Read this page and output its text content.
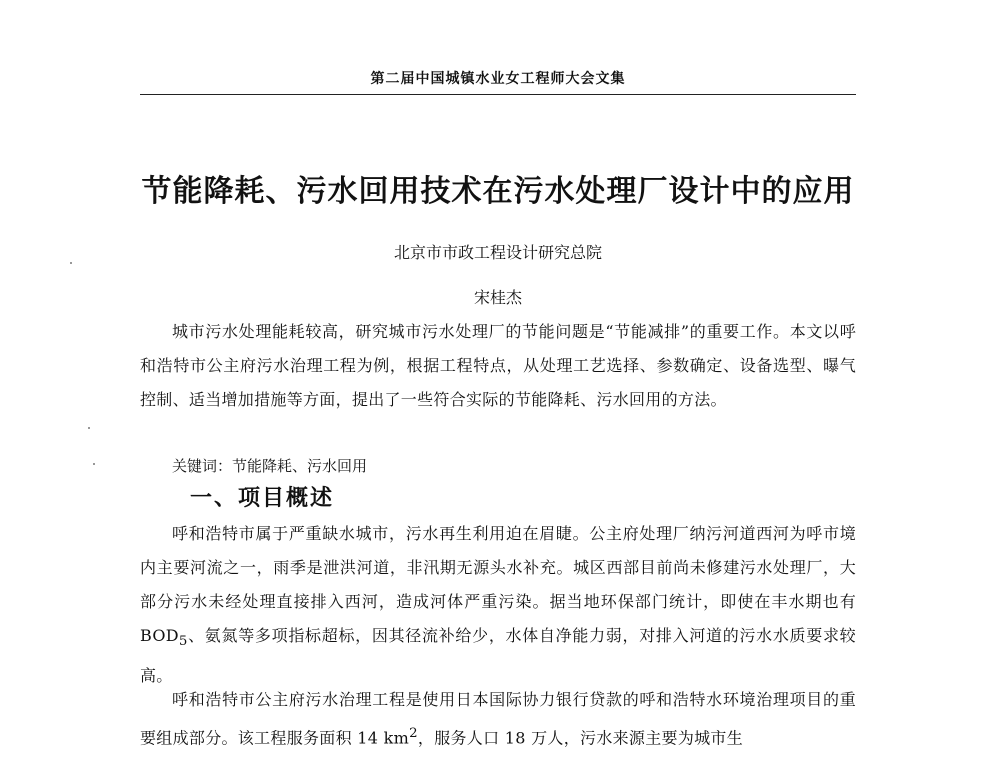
第二届中国城镇水业女工程师大会文集
节能降耗、污水回用技术在污水处理厂设计中的应用
北京市市政工程设计研究总院
宋桂杰
城市污水处理能耗较高，研究城市污水处理厂的节能问题是“节能减排”的重要工作。本文以呼和浩特市公主府污水治理工程为例，根据工程特点，从处理工艺选择、参数确定、设备选型、曝气控制、适当增加措施等方面，提出了一些符合实际的节能降耗、污水回用的方法。
关键词：节能降耗、污水回用
一、项目概述
呼和浩特市属于严重缺水城市，污水再生利用迫在眉睫。公主府处理厂纳污河道西河为呼市境内主要河流之一，雨季是泄洪河道，非汛期无源头水补充。城区西部目前尚未修建污水处理厂，大部分污水未经处理直接排入西河，造成河体严重污染。据当地环保部门统计，即使在丰水期也有 $BOD_5$、氨氮等多项指标超标，因其径流补给少，水体自净能力弱，对排入河道的污水水质要求较高。
呼和浩特市公主府污水治理工程是使用日本国际协力银行贷款的呼和浩特水环境治理项目的重要组成部分。该工程服务面积 14 $km^2$，服务人口 18 万人，污水来源主要为城市生
